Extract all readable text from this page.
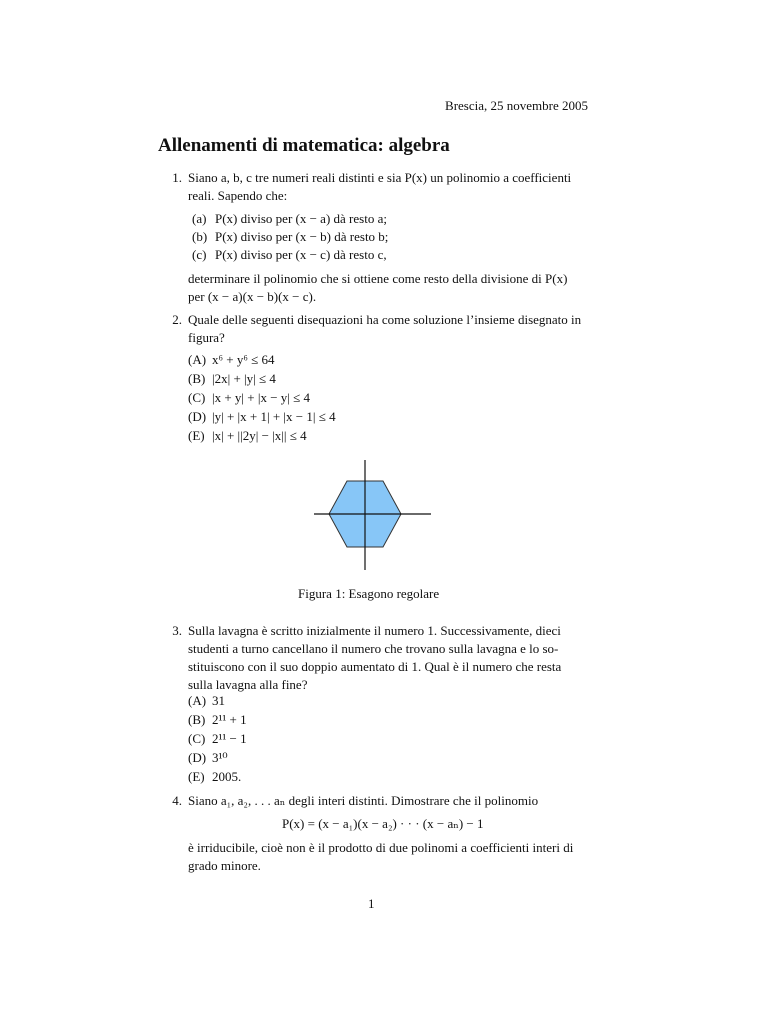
Brescia, 25 novembre 2005
Allenamenti di matematica: algebra
1. Siano a, b, c tre numeri reali distinti e sia P(x) un polinomio a coefficienti
reali. Sapendo che:
(a) P(x) diviso per (x − a) dà resto a;
(b) P(x) diviso per (x − b) dà resto b;
(c) P(x) diviso per (x − c) dà resto c,
determinare il polinomio che si ottiene come resto della divisione di P(x)
per (x − a)(x − b)(x − c).
2. Quale delle seguenti disequazioni ha come soluzione l’insieme disegnato in
figura?
(A) x⁶ + y⁶ ≤ 64
(B) |2x| + |y| ≤ 4
(C) |x + y| + |x − y| ≤ 4
(D) |y| + |x + 1| + |x − 1| ≤ 4
(E) |x| + ||2y| − |x|| ≤ 4
Figura 1: Esagono regolare
3. Sulla lavagna è scritto inizialmente il numero 1. Successivamente, dieci
studenti a turno cancellano il numero che trovano sulla lavagna e lo so-
stituiscono con il suo doppio aumentato di 1. Qual è il numero che resta
sulla lavagna alla fine?
(A) 31
(B) 2¹¹ + 1
(C) 2¹¹ − 1
(D) 3¹⁰
(E) 2005.
4. Siano a₁, a₂, . . . aₙ degli interi distinti. Dimostrare che il polinomio
P(x) = (x − a₁)(x − a₂) · · · (x − aₙ) − 1
è irriducibile, cioè non è il prodotto di due polinomi a coefficienti interi di
grado minore.
1
